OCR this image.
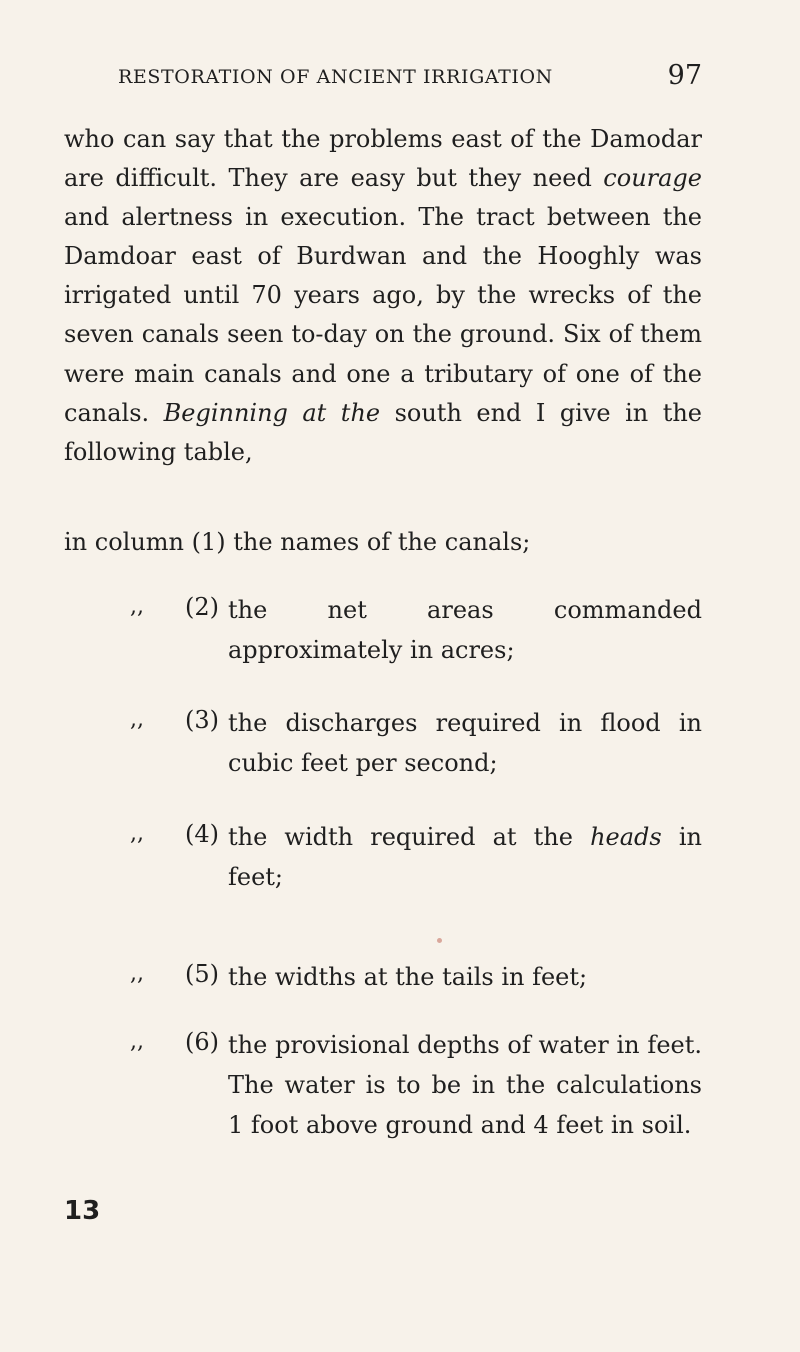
RESTORATION OF ANCIENT IRRIGATION	97

who can say that the problems east of the Damodar are difficult. They are easy but they need courage and alertness in execution. The tract between the Damdoar east of Burdwan and the Hooghly was irrigated until 70 years ago, by the wrecks of the seven canals seen to-day on the ground. Six of them were main canals and one a tributary of one of the canals. Beginning at the south end I give in the following table,

in column (1) the names of the canals;
,, (2) the net areas commanded approximately in acres;
,, (3) the discharges required in flood in cubic feet per second;
,, (4) the width required at the heads in feet;
,, (5) the widths at the tails in feet;
,, (6) the provisional depths of water in feet. The water is to be in the calculations 1 foot above ground and 4 feet in soil.
13
